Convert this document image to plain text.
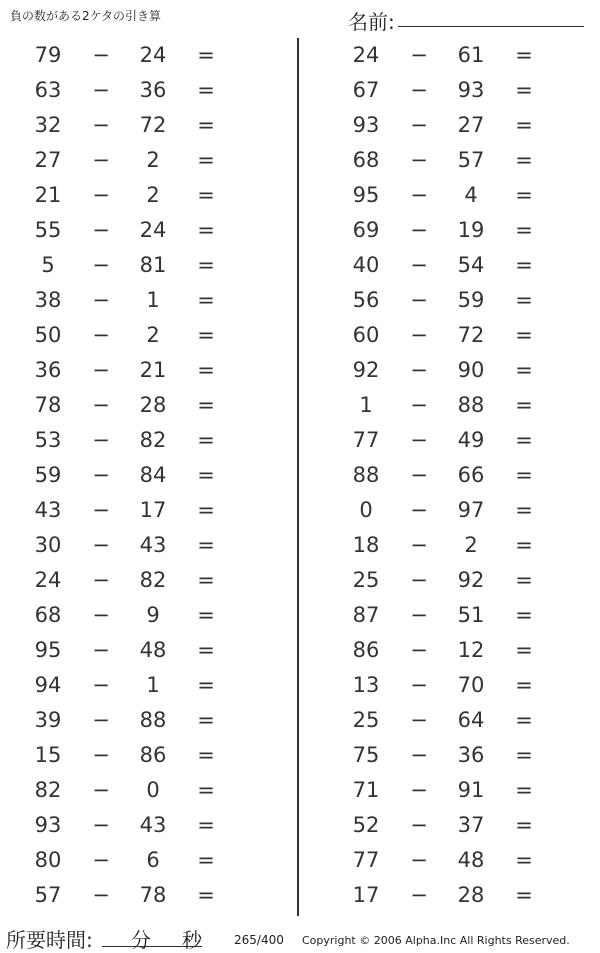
負の数がある2ケタの引き算	名前:
79	−	24	=
63	−	36	=
32	−	72	=
27	−	2	=
21	−	2	=
55	−	24	=
5	−	81	=
38	−	1	=
50	−	2	=
36	−	21	=
78	−	28	=
53	−	82	=
59	−	84	=
43	−	17	=
30	−	43	=
24	−	82	=
68	−	9	=
95	−	48	=
94	−	1	=
39	−	88	=
15	−	86	=
82	−	0	=
93	−	43	=
80	−	6	=
57	−	78	=
24	−	61	=
67	−	93	=
93	−	27	=
68	−	57	=
95	−	4	=
69	−	19	=
40	−	54	=
56	−	59	=
60	−	72	=
92	−	90	=
1	−	88	=
77	−	49	=
88	−	66	=
0	−	97	=
18	−	2	=
25	−	92	=
87	−	51	=
86	−	12	=
13	−	70	=
25	−	64	=
75	−	36	=
71	−	91	=
52	−	37	=
77	−	48	=
17	−	28	=
所要時間: 分 秒	265/400 Copyright © 2006 Alpha.Inc All Rights Reserved.
